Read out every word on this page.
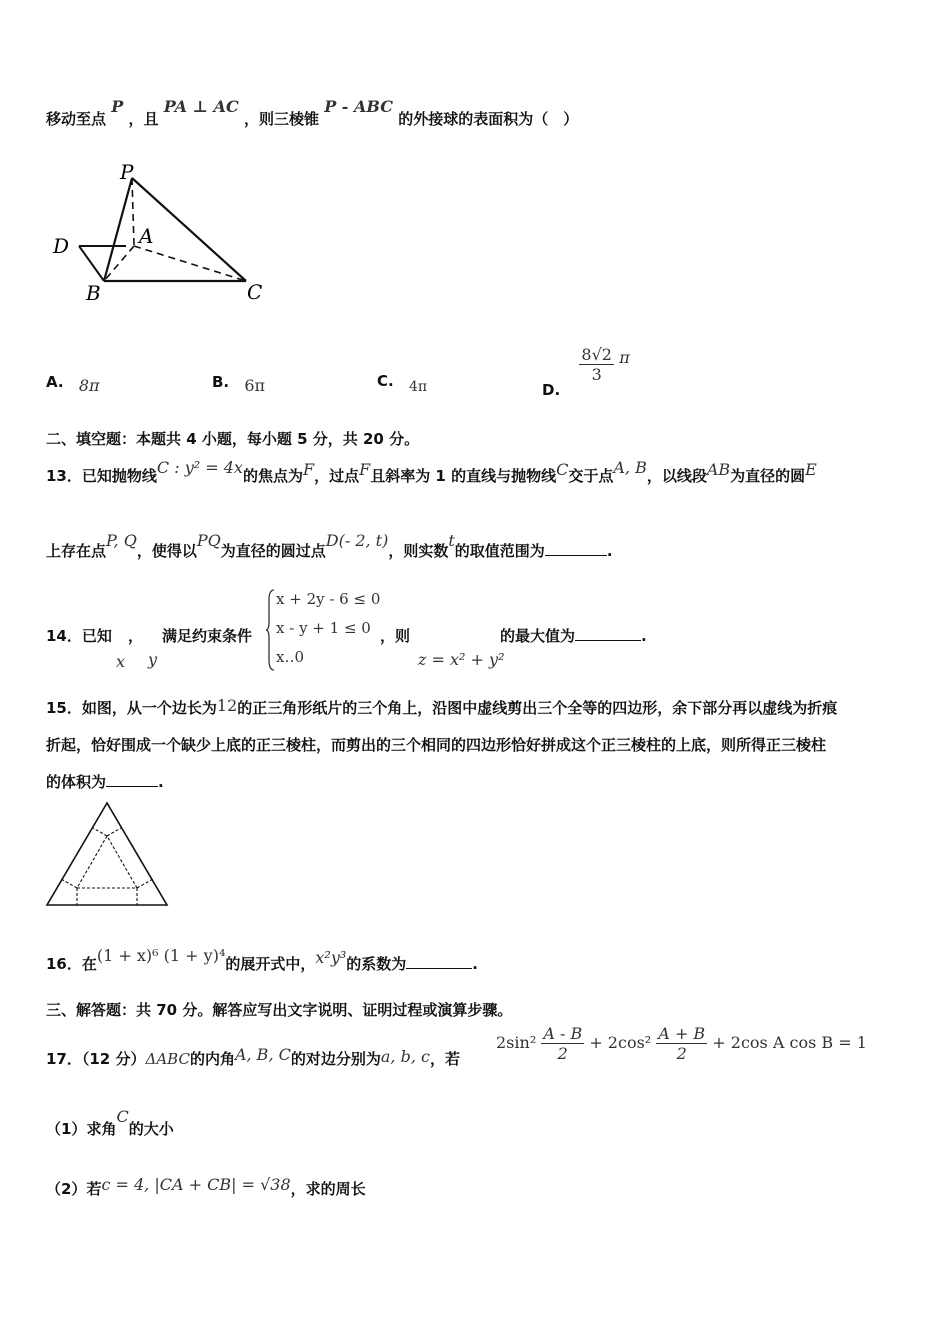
移动至点 P ，且 PA ⊥ AC ，则三棱锥 P - ABC 的外接球的表面积为（　）
P
A
D
B	C
A. 8π	B. 6π	C. 4π	D.
$\frac{8√2}{3}$ π
二、填空题：本题共 4 小题，每小题 5 分，共 20 分。
13．已知抛物线C : y² = 4x的焦点为F，过点F且斜率为 1 的直线与抛物线C交于点A, B，以线段AB为直径的圆E
上存在点P, Q，使得以PQ为直径的圆过点D(- 2, t)，则实数t的取值范围为	.
14．已知 ， 满足约束条件
x y
x + 2y - 6 ≤ 0
x - y + 1 ≤ 0
x‥0
，则
z = x² + y²
的最大值为	.
15．如图，从一个边长为12的正三角形纸片的三个角上，沿图中虚线剪出三个全等的四边形，余下部分再以虚线为折痕
折起，恰好围成一个缺少上底的正三棱柱，而剪出的三个相同的四边形恰好拼成这个正三棱柱的上底，则所得正三棱柱
的体积为	.
16．在(1 + x)⁶ (1 + y)⁴的展开式中，x²y³的系数为	.
三、解答题：共 70 分。解答应写出文字说明、证明过程或演算步骤。
17．（12 分）ΔABC的内角A, B, C的对边分别为a, b, c，若
$2\sin^2 \frac{A - B}{2} + 2\cos^2 \frac{A + B}{2} + 2\cos$ A cos B = 1
（1）求角C的大小
（2）若c = 4, |CA + CB| = √38，求的周长
